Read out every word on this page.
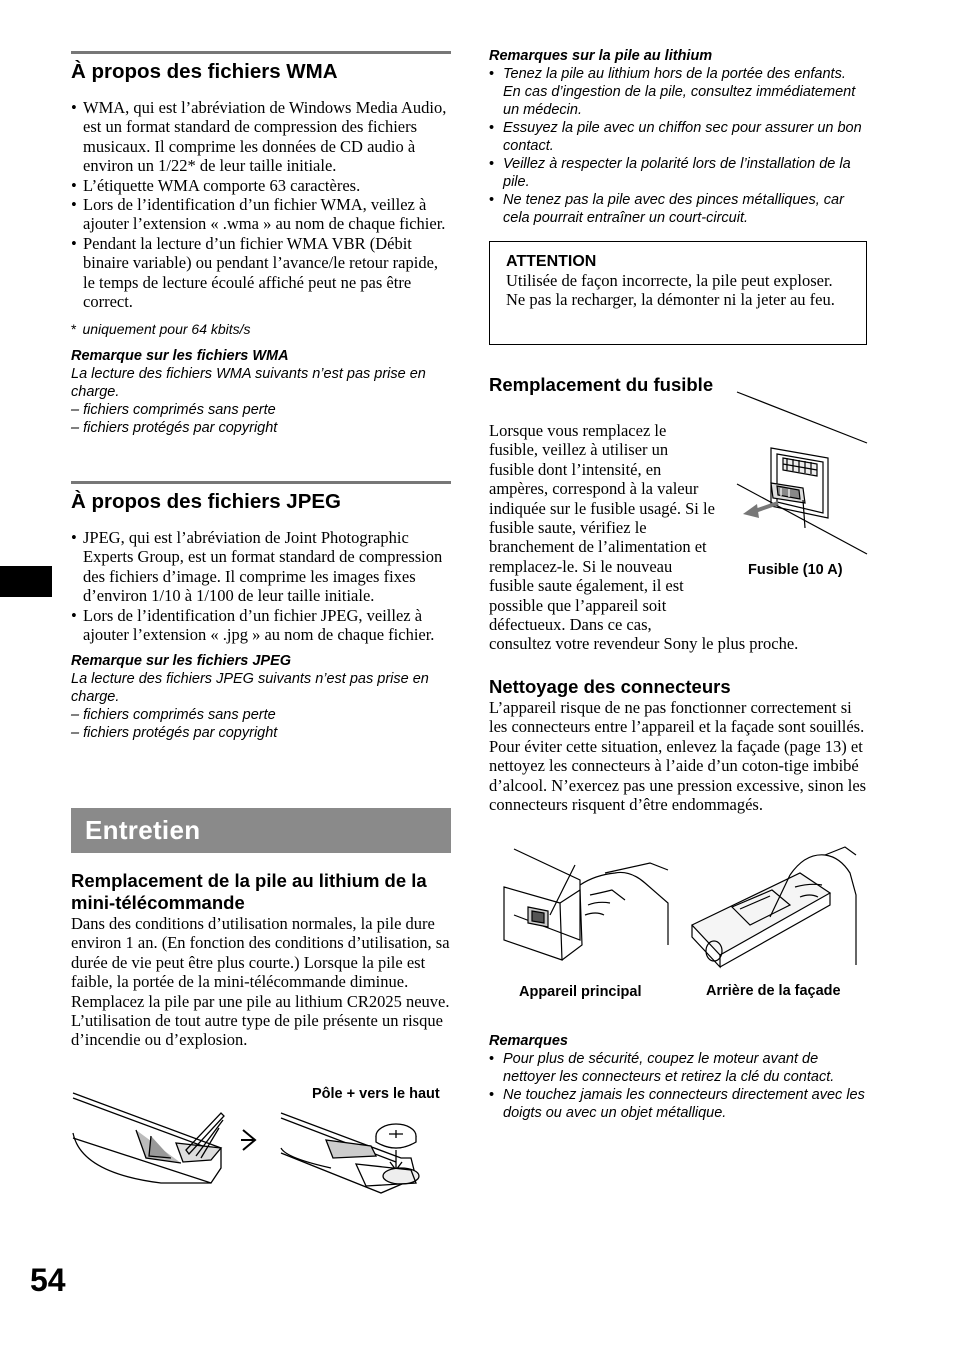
À propos des fichiers WMA
• WMA, qui est l’abréviation de Windows Media Audio, est un format standard de compression des fichiers musicaux. Il comprime les données de CD audio à environ un 1/22* de leur taille initiale.
• L’étiquette WMA comporte 63 caractères.
• Lors de l’identification d’un fichier WMA, veillez à ajouter l’extension « .wma » au nom de chaque fichier.
• Pendant la lecture d’un fichier WMA VBR (Débit binaire variable) ou pendant l’avance/le retour rapide, le temps de lecture écoulé affiché peut ne pas être correct.
* uniquement pour 64 kbits/s
Remarque sur les fichiers WMA
La lecture des fichiers WMA suivants n’est pas prise en charge.
– fichiers comprimés sans perte
– fichiers protégés par copyright
À propos des fichiers JPEG
• JPEG, qui est l’abréviation de Joint Photographic Experts Group, est un format standard de compression des fichiers d’image. Il comprime les images fixes d’environ 1/10 à 1/100 de leur taille initiale.
• Lors de l’identification d’un fichier JPEG, veillez à ajouter l’extension « .jpg » au nom de chaque fichier.
Remarque sur les fichiers JPEG
La lecture des fichiers JPEG suivants n’est pas prise en charge.
– fichiers comprimés sans perte
– fichiers protégés par copyright
Remplacement de la pile au lithium de la mini-télécommande
Dans des conditions d’utilisation normales, la pile dure environ 1 an. (En fonction des conditions d’utilisation, sa durée de vie peut être plus courte.) Lorsque la pile est faible, la portée de la mini-télécommande diminue. Remplacez la pile par une pile au lithium CR2025 neuve. L’utilisation de tout autre type de pile présente un risque d’incendie ou d’explosion.
Pôle + vers le haut
Entretien
Remarques sur la pile au lithium
• Tenez la pile au lithium hors de la portée des enfants. En cas d’ingestion de la pile, consultez immédiatement un médecin.
• Essuyez la pile avec un chiffon sec pour assurer un bon contact.
• Veillez à respecter la polarité lors de l’installation de la pile.
• Ne tenez pas la pile avec des pinces métalliques, car cela pourrait entraîner un court-circuit.
Remplacement du fusible
Lorsque vous remplacez le fusible, veillez à utiliser un fusible dont l’intensité, en ampères, correspond à la valeur indiquée sur le fusible usagé. Si le fusible saute, vérifiez le branchement de l’alimentation et remplacez-le. Si le nouveau fusible saute également, il est possible que l’appareil soit défectueux. Dans ce cas, consultez votre revendeur Sony le plus proche.
Fusible (10 A)
Nettoyage des connecteurs
L’appareil risque de ne pas fonctionner correctement si les connecteurs entre l’appareil et la façade sont souillés. Pour éviter cette situation, enlevez la façade (page 13) et nettoyez les connecteurs à l’aide d’un coton-tige imbibé d’alcool. N’exercez pas une pression excessive, sinon les connecteurs risquent d’être endommagés.
Appareil principal	Arrière de la façade
Remarques
• Pour plus de sécurité, coupez le moteur avant de nettoyer les connecteurs et retirez la clé du contact.
• Ne touchez jamais les connecteurs directement avec les doigts ou avec un objet métallique.
ATTENTION
Utilisée de façon incorrecte, la pile peut exploser. Ne pas la recharger, la démonter ni la jeter au feu.
54
